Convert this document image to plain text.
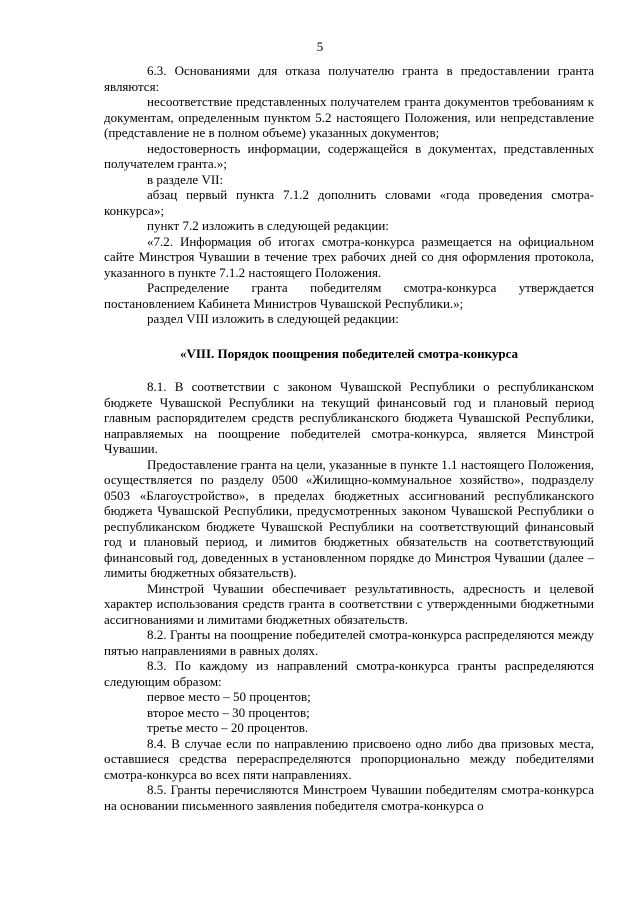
5

6.3. Основаниями для отказа получателю гранта в предоставлении гранта являются:

несоответствие представленных получателем гранта документов требованиям к документам, определенным пунктом 5.2 настоящего Положения, или непредставление (представление не в полном объеме) указанных документов;

недостоверность информации, содержащейся в документах, представленных получателем гранта.»;

в разделе VII:

абзац первый пункта 7.1.2 дополнить словами «года проведения смотра-конкурса»;

пункт 7.2 изложить в следующей редакции:

«7.2. Информация об итогах смотра-конкурса размещается на официальном сайте Минстроя Чувашии в течение трех рабочих дней со дня оформления протокола, указанного в пункте 7.1.2 настоящего Положения.

Распределение гранта победителям смотра-конкурса утверждается постановлением Кабинета Министров Чувашской Республики.»;

раздел VIII изложить в следующей редакции:

«VIII. Порядок поощрения победителей смотра-конкурса

8.1. В соответствии с законом Чувашской Республики о республиканском бюджете Чувашской Республики на текущий финансовый год и плановый период главным распорядителем средств республиканского бюджета Чувашской Республики, направляемых на поощрение победителей смотра-конкурса, является Минстрой Чувашии.

Предоставление гранта на цели, указанные в пункте 1.1 настоящего Положения, осуществляется по разделу 0500 «Жилищно-коммунальное хозяйство», подразделу 0503 «Благоустройство», в пределах бюджетных ассигнований республиканского бюджета Чувашской Республики, предусмотренных законом Чувашской Республики о республиканском бюджете Чувашской Республики на соответствующий финансовый год и плановый период, и лимитов бюджетных обязательств на соответствующий финансовый год, доведенных в установленном порядке до Минстроя Чувашии (далее – лимиты бюджетных обязательств).

Минстрой Чувашии обеспечивает результативность, адресность и целевой характер использования средств гранта в соответствии с утвержденными бюджетными ассигнованиями и лимитами бюджетных обязательств.

8.2. Гранты на поощрение победителей смотра-конкурса распределяются между пятью направлениями в равных долях.

8.3. По каждому из направлений смотра-конкурса гранты распределяются следующим образом:

первое место – 50 процентов;

второе место – 30 процентов;

третье место – 20 процентов.

8.4. В случае если по направлению присвоено одно либо два призовых места, оставшиеся средства перераспределяются пропорционально между победителями смотра-конкурса во всех пяти направлениях.

8.5. Гранты перечисляются Минстроем Чувашии победителям смотра-конкурса на основании письменного заявления победителя смотра-конкурса о
